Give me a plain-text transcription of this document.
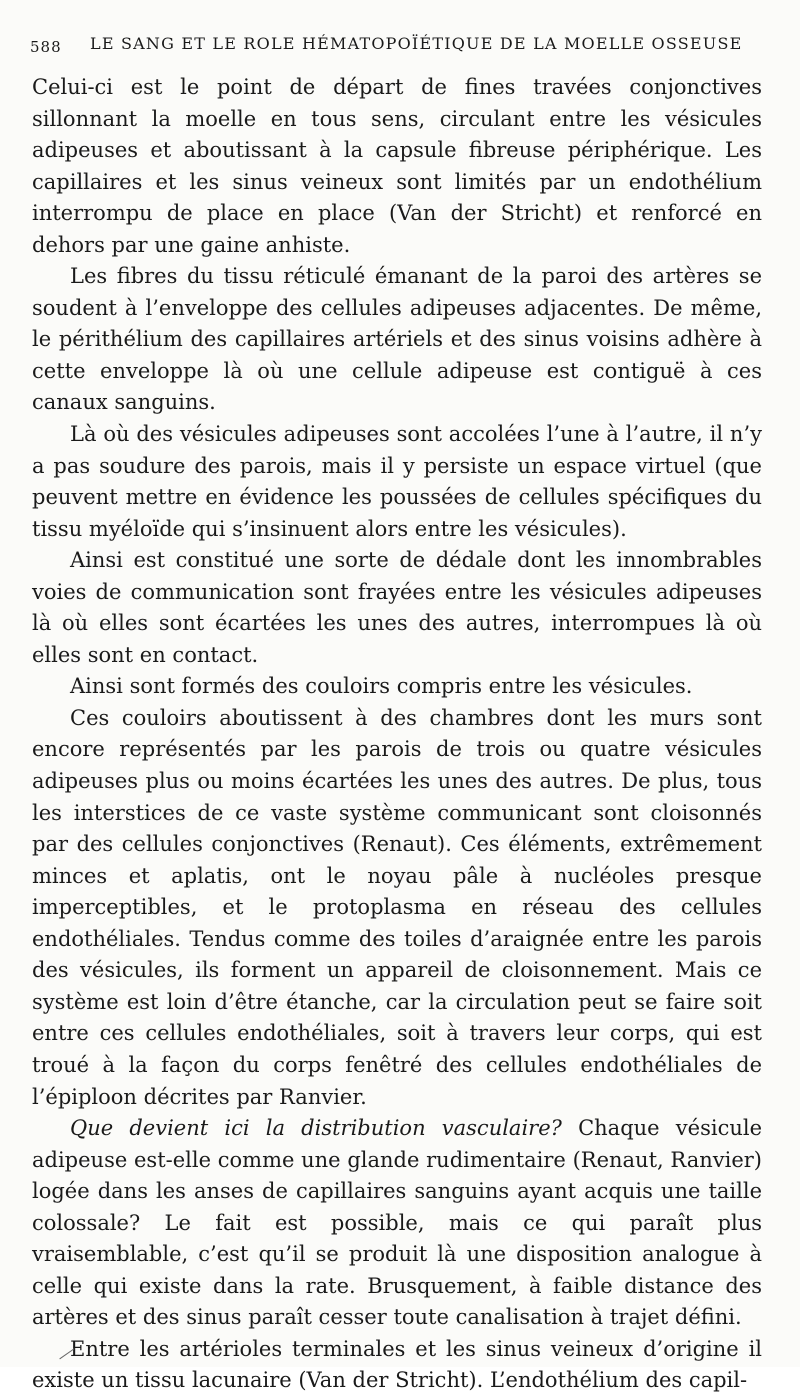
588 LE SANG ET LE ROLE HÉMATOPOÏÉTIQUE DE LA MOELLE OSSEUSE

Celui-ci est le point de départ de fines travées conjonctives sillonnant la moelle en tous sens, circulant entre les vésicules adipeuses et aboutissant à la capsule fibreuse périphérique. Les capillaires et les sinus veineux sont limités par un endothélium interrompu de place en place (Van der Stricht) et renforcé en dehors par une gaine anhiste.

Les fibres du tissu réticulé émanant de la paroi des artères se soudent à l’enveloppe des cellules adipeuses adjacentes. De même, le périthélium des capillaires artériels et des sinus voisins adhère à cette enveloppe là où une cellule adipeuse est contiguë à ces canaux sanguins.

Là où des vésicules adipeuses sont accolées l’une à l’autre, il n’y a pas soudure des parois, mais il y persiste un espace virtuel (que peuvent mettre en évidence les poussées de cellules spécifiques du tissu myéloïde qui s’insinuent alors entre les vésicules).

Ainsi est constitué une sorte de dédale dont les innombrables voies de communication sont frayées entre les vésicules adipeuses là où elles sont écartées les unes des autres, interrompues là où elles sont en contact.

Ainsi sont formés des couloirs compris entre les vésicules.

Ces couloirs aboutissent à des chambres dont les murs sont encore représentés par les parois de trois ou quatre vésicules adipeuses plus ou moins écartées les unes des autres. De plus, tous les interstices de ce vaste système communicant sont cloisonnés par des cellules conjonctives (Renaut). Ces éléments, extrêmement minces et aplatis, ont le noyau pâle à nucléoles presque imperceptibles, et le protoplasma en réseau des cellules endothéliales. Tendus comme des toiles d’araignée entre les parois des vésicules, ils forment un appareil de cloisonnement. Mais ce système est loin d’être étanche, car la circulation peut se faire soit entre ces cellules endothéliales, soit à travers leur corps, qui est troué à la façon du corps fenêtré des cellules endothéliales de l’épiploon décrites par Ranvier.

Que devient ici la distribution vasculaire? Chaque vésicule adipeuse est-elle comme une glande rudimentaire (Renaut, Ranvier) logée dans les anses de capillaires sanguins ayant acquis une taille colossale? Le fait est possible, mais ce qui paraît plus vraisemblable, c’est qu’il se produit là une disposition analogue à celle qui existe dans la rate. Brusquement, à faible distance des artères et des sinus paraît cesser toute canalisation à trajet défini.

Entre les artérioles terminales et les sinus veineux d’origine il existe un tissu lacunaire (Van der Stricht). L’endothélium des capil-
